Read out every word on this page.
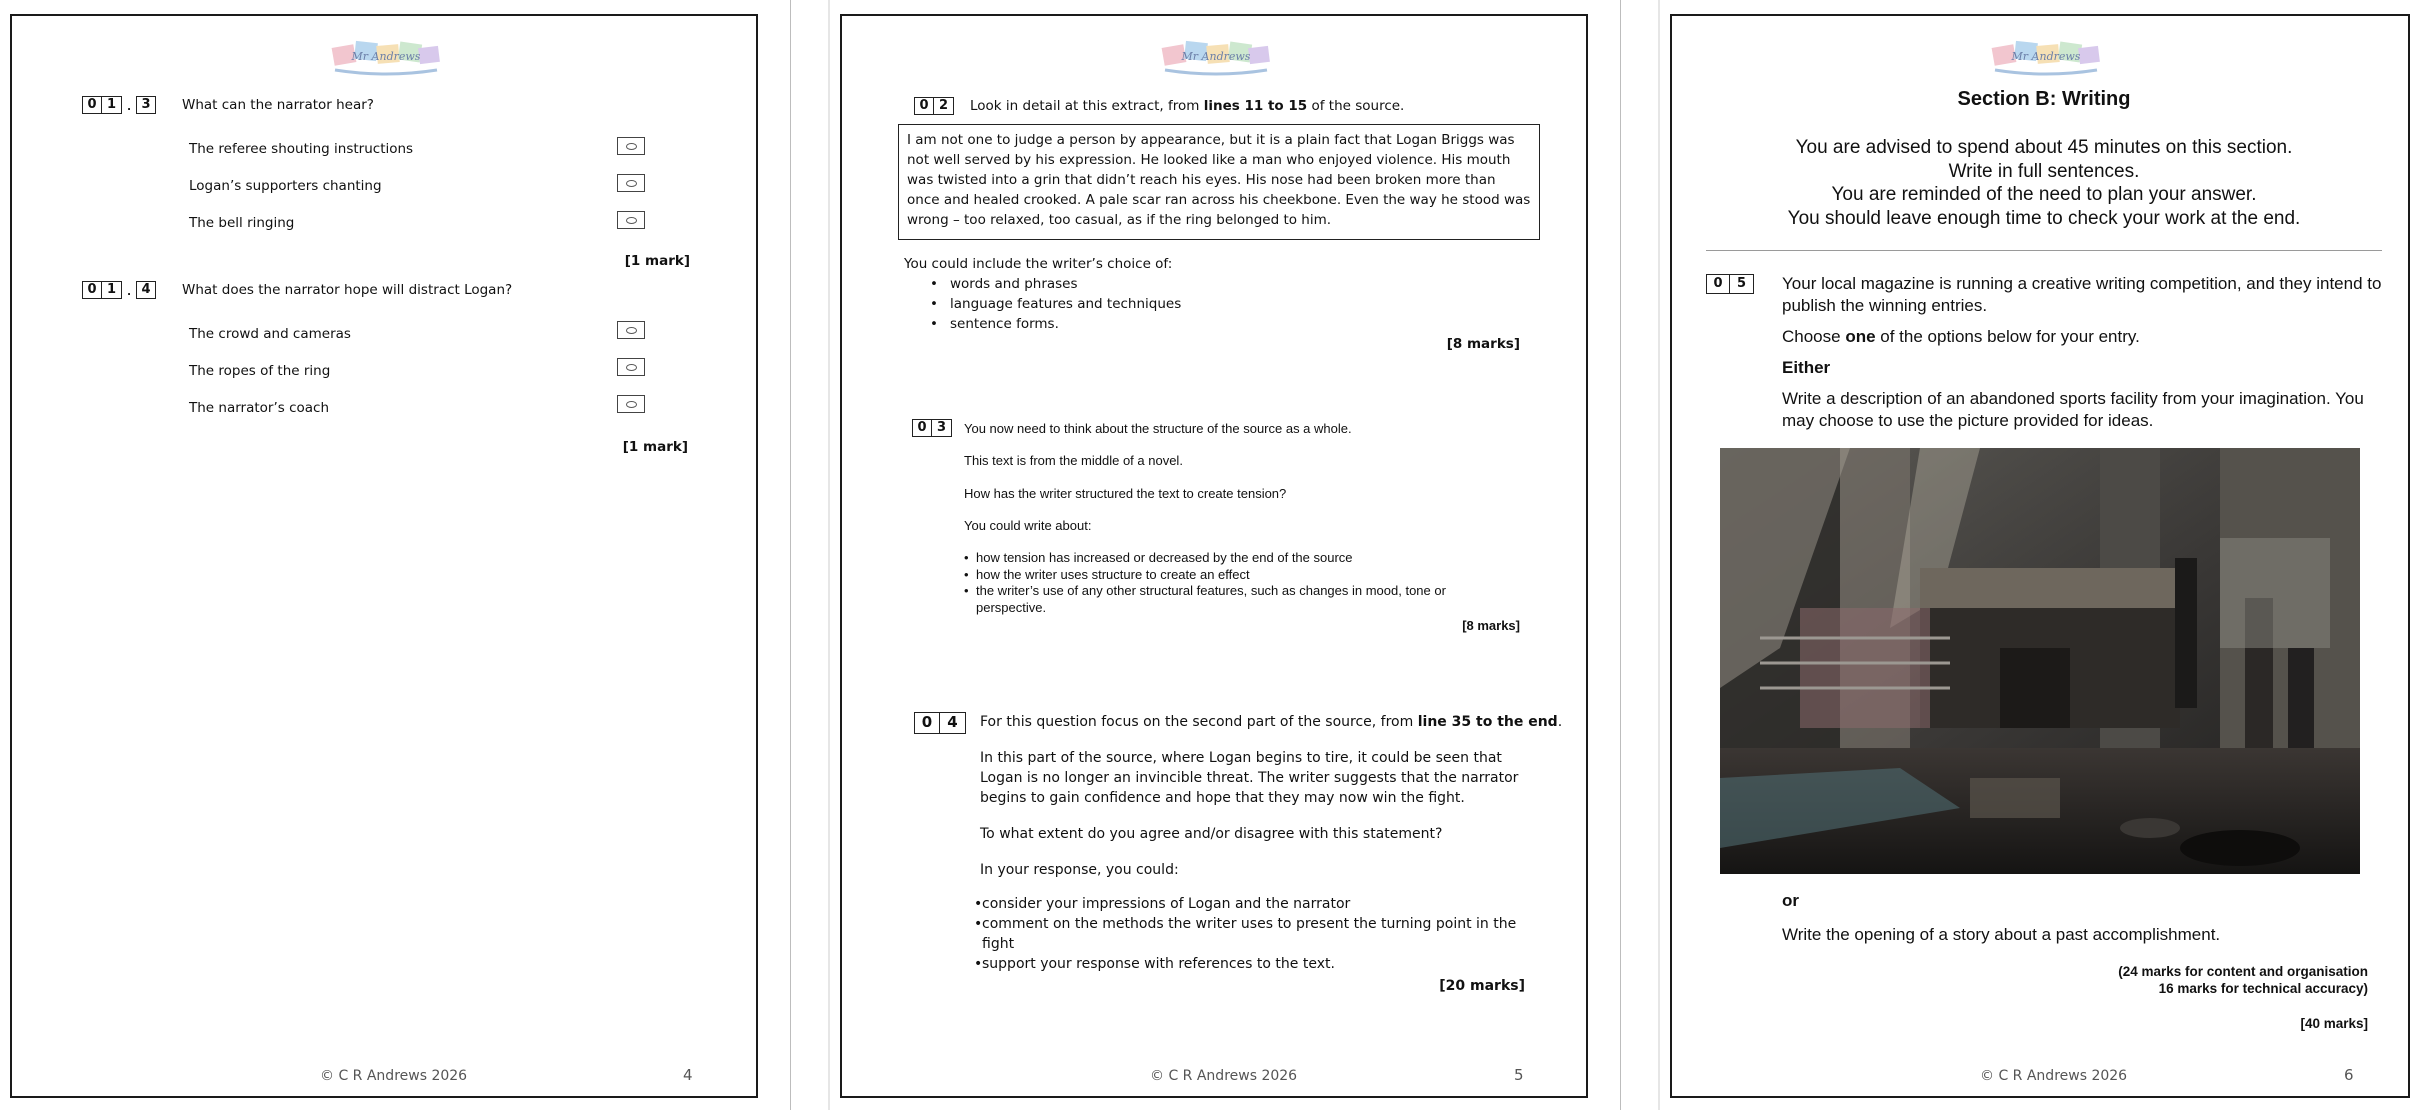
Mr Andrews
0 1 . 3	What can the narrator hear?
The referee shouting instructions
Logan’s supporters chanting
The bell ringing
[1 mark]
0 1 . 4	What does the narrator hope will distract Logan?
The crowd and cameras
The ropes of the ring
The narrator’s coach
[1 mark]
© C R Andrews 2026	4
Mr Andrews
0 2	Look in detail at this extract, from lines 11 to 15 of the source.
I am not one to judge a person by appearance, but it is a plain fact that Logan Briggs was not well served by his expression. He looked like a man who enjoyed violence. His mouth was twisted into a grin that didn’t reach his eyes. His nose had been broken more than once and healed crooked. A pale scar ran across his cheekbone. Even the way he stood was wrong – too relaxed, too casual, as if the ring belonged to him.
You could include the writer’s choice of:
• words and phrases
• language features and techniques
• sentence forms.
[8 marks]
0 3	You now need to think about the structure of the source as a whole.
This text is from the middle of a novel.
How has the writer structured the text to create tension?
You could write about:
• how tension has increased or decreased by the end of the source
• how the writer uses structure to create an effect
• the writer’s use of any other structural features, such as changes in mood, tone or perspective.
[8 marks]
0	4	For this question focus on the second part of the source, from line 35 to the end.
In this part of the source, where Logan begins to tire, it could be seen that Logan is no longer an invincible threat. The writer suggests that the narrator begins to gain confidence and hope that they may now win the fight.
To what extent do you agree and/or disagree with this statement?
In your response, you could:
• consider your impressions of Logan and the narrator
• comment on the methods the writer uses to present the turning point in the fight
• support your response with references to the text.
[20 marks]
© C R Andrews 2026	5
Mr Andrews
Section B: Writing
You are advised to spend about 45 minutes on this section.
Write in full sentences.
You are reminded of the need to plan your answer.
You should leave enough time to check your work at the end.
0	5	Your local magazine is running a creative writing competition, and they intend to publish the winning entries.
Choose one of the options below for your entry.
Either
Write a description of an abandoned sports facility from your imagination. You may choose to use the picture provided for ideas.
or
Write the opening of a story about a past accomplishment.
(24 marks for content and organisation
16 marks for technical accuracy)
[40 marks]
© C R Andrews 2026	6
